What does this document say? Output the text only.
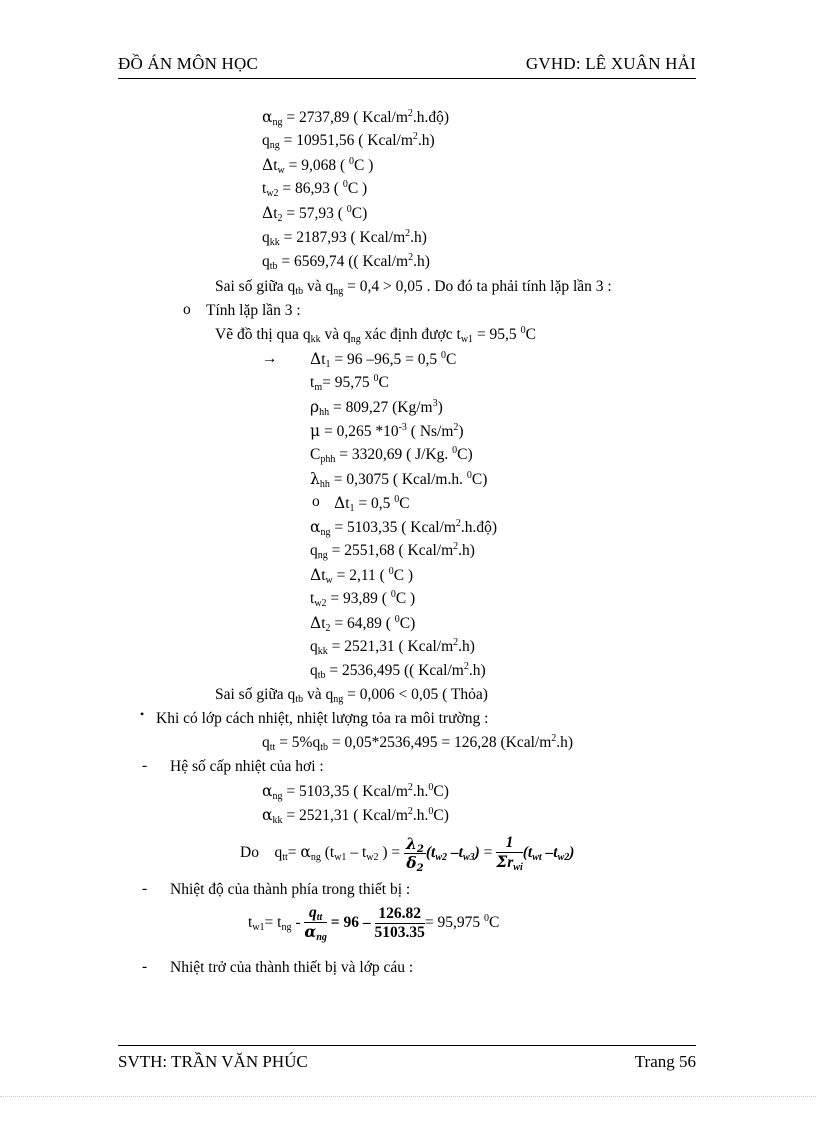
ĐỒ ÁN MÔN HỌC	GVHD: LÊ XUÂN HẢI
$\alpha_{ng} = 2737,89$ ( Kcal/$m^2.h.độ$)
$q_{ng} = 10951,56$ ( Kcal/$m^2.h$)
$\Delta t_w = 9,068$ ( $^0$C )
$t_{w2} = 86,93$ ( $^0$C )
$\Delta t_2 = 57,93$ ( $^0$C)
$q_{kk} = 2187,93$ ( Kcal/$m^2.h$)
$q_{tb} = 6569,74$ (( Kcal/$m^2.h$)
Sai số giữa $q_{tb}$ và $q_{ng} = 0,4 > 0,05$ . Do đó ta phải tính lặp lần 3 :
o Tính lặp lần 3 :
Vẽ đồ thị qua $q_{kk}$ và $q_{ng}$ xác định được $t_{w1} = 95,5$ $^0$C
→ $\Delta t_1 = 96$ –96,5 = 0,5 $^0$C
$t_m= 95,75$ $^0$C
$\rho_{hh} = 809,27$ $(Kg/m^3)$
μ = 0,265 $*10^{-3}$ ( $Ns/m^2$)
$C_{phh} = 3320,69$ ( J/Kg. $^0$C)
$\lambda_{hh} = 0,3075$ ( Kcal/m.h. $^0$C)
o $\Delta t_1 = 0,5$ $^0$C
$\alpha_{ng} = 5103,35$ ( Kcal/$m^2.h.độ$)
$q_{ng} = 2551,68$ ( Kcal/$m^2.h$)
$\Delta t_w = 2,11$ ( $^0$C )
$t_{w2} = 93,89$ ( $^0$C )
$\Delta t_2 = 64,89$ ( $^0$C)
$q_{kk} = 2521,31$ ( Kcal/$m^2.h$)
$q_{tb} = 2536,495$ (( Kcal/$m^2.h$)
Sai số giữa $q_{tb}$ và $q_{ng} = 0,006 < 0,05$ ( Thỏa)
• Khi có lớp cách nhiệt, nhiệt lượng tỏa ra môi trường :
$q_{tt} = 5\%q_{tb} = 0,05*2536,495 = 126,28$ $(Kcal/m^2.h)$
- Hệ số cấp nhiệt của hơi :
$\alpha_{ng} = 5103,35$ ( Kcal/$m^2.h.^0C$)
$\alpha_{kk} = 2521,31$ ( Kcal/$m^2.h.^0C$)
Do    $q_{tt}= \alpha_{ng}$ ($t_{w1} - t_{w2}$ ) = $\frac{\lambda_2}{\delta_2} (t_{w2}$ $-t_{w3}) = \frac{1}{\Sigma r_{wi}} (t_{wt}$ $-t_{w2}$)
- Nhiệt độ của thành phía trong thiết bị :
$t_{w1}= t_{ng} - \frac{q_{tt}}{\alpha_{ng}} = 96 - \frac{126.82}{5103.35} = 95,975$ $^0$C
- Nhiệt trở của thành thiết bị và lớp cáu :
SVTH: TRẦN VĂN PHÚC	Trang 56
